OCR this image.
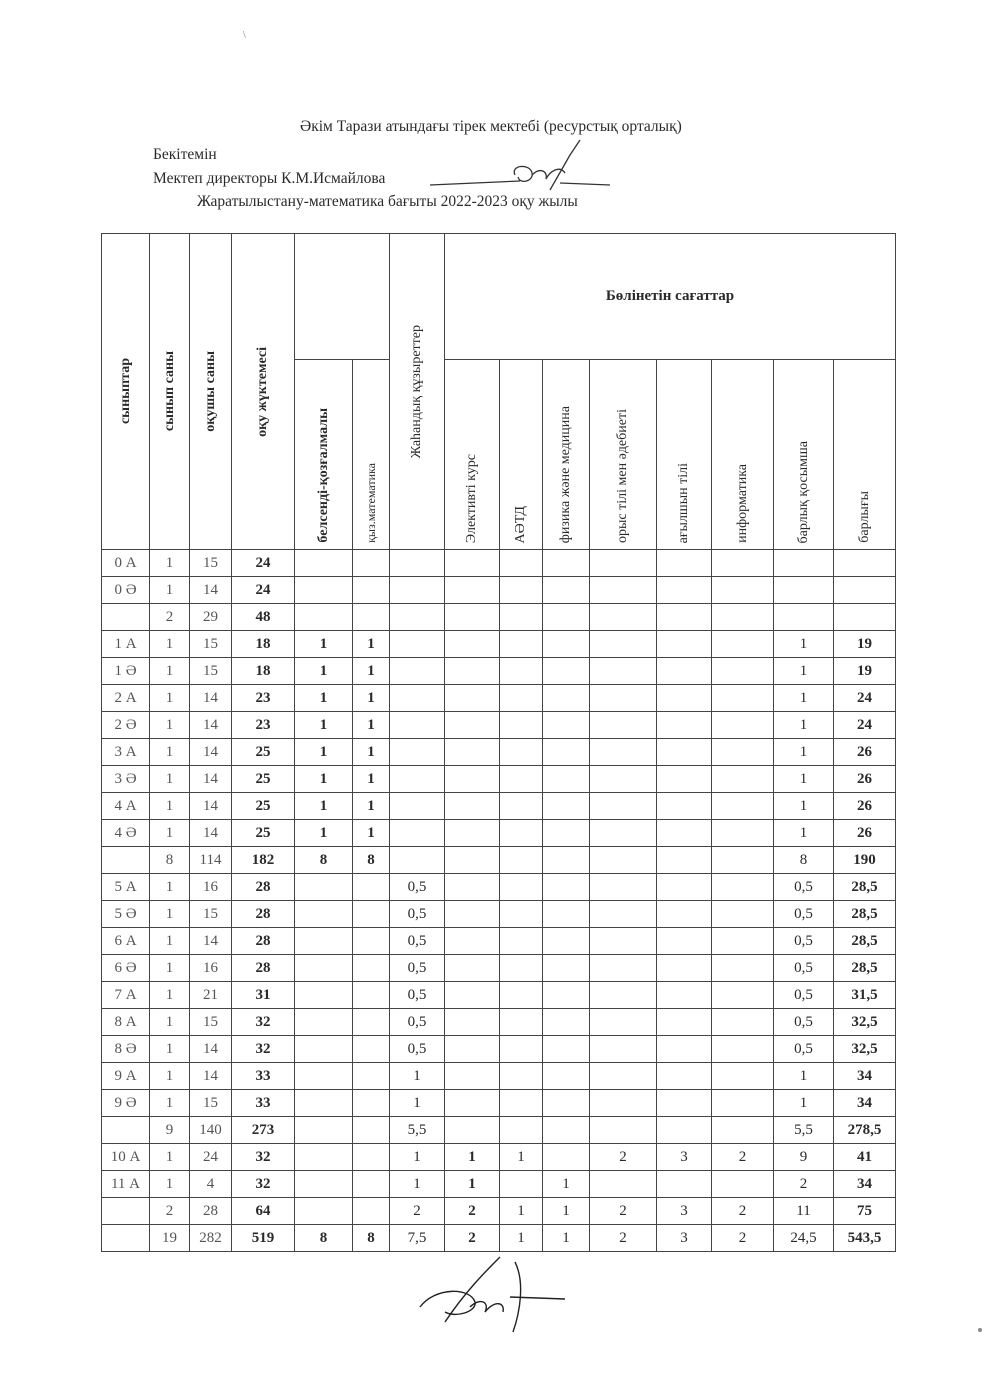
\
Әкім Тарази атындағы тірек мектебі (ресурстық орталық)
Бекітемін
Мектеп директоры К.М.Исмайлова
Жаратылыстану-математика бағыты 2022-2023 оқу жылы
сыныптар	сынып саны	оқушы саны	оқу жүктемесі			Жаһандық құзыреттер	Бөлінетін сағаттар							
				белсенді-қозғалмалы	қыз.математика		Элективті курс	АӘТД	физика және медицина	орыс тілі мен әдебиеті	ағылшын тілі	информатика		барлық қосымша	барлығы
0 А	1	15	24												
0 Ә	1	14	24												
	2	29	48												
1 А	1	15	18	1	1									1	19
1 Ә	1	15	18	1	1									1	19
2 А	1	14	23	1	1									1	24
2 Ә	1	14	23	1	1									1	24
3 А	1	14	25	1	1									1	26
3 Ә	1	14	25	1	1									1	26
4 А	1	14	25	1	1									1	26
4 Ә	1	14	25	1	1									1	26
	8	114	182	8	8									8	190
5 А	1	16	28			0,5								0,5	28,5
5 Ә	1	15	28			0,5								0,5	28,5
6 А	1	14	28			0,5								0,5	28,5
6 Ә	1	16	28			0,5								0,5	28,5
7 А	1	21	31			0,5								0,5	31,5
8 А	1	15	32			0,5								0,5	32,5
8 Ә	1	14	32			0,5								0,5	32,5
9 А	1	14	33			1								1	34
9 Ә	1	15	33			1								1	34
	9	140	273			5,5								5,5	278,5
10 А	1	24	32			1	1	1		2	3	2		9	41
11 А	1	4	32			1	1		1					2	34
	2	28	64			2	2	1	1	2	3	2		11	75
	19	282	519	8	8	7,5	2	1	1	2	3	2		24,5	543,5
